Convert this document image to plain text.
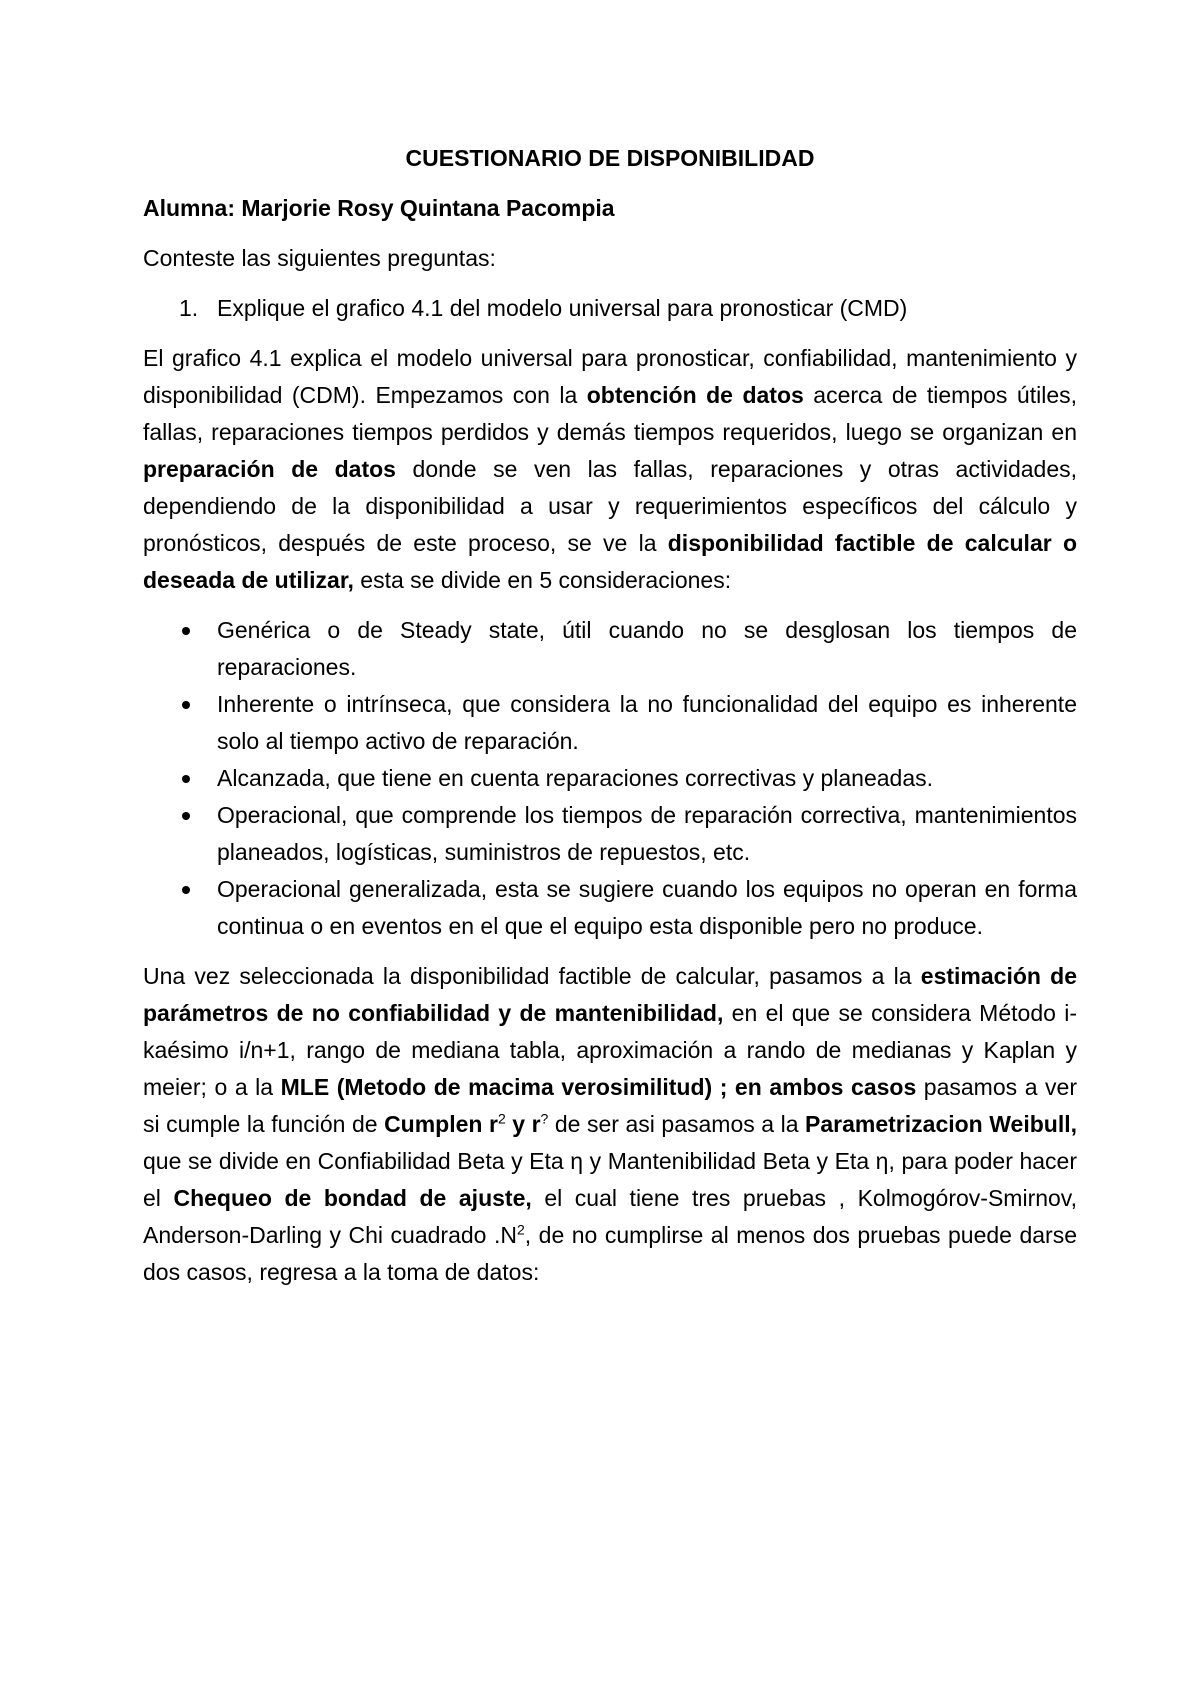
CUESTIONARIO DE DISPONIBILIDAD
Alumna: Marjorie Rosy Quintana Pacompia
Conteste las siguientes preguntas:
1. Explique el grafico 4.1 del modelo universal para pronosticar (CMD)

El grafico 4.1 explica el modelo universal para pronosticar, confiabilidad, mantenimiento y disponibilidad (CDM). Empezamos con la obtención de datos acerca de tiempos útiles, fallas, reparaciones tiempos perdidos y demás tiempos requeridos, luego se organizan en preparación de datos donde se ven las fallas, reparaciones y otras actividades, dependiendo de la disponibilidad a usar y requerimientos específicos del cálculo y pronósticos, después de este proceso, se ve la disponibilidad factible de calcular o deseada de utilizar, esta se divide en 5 consideraciones:

Genérica o de Steady state, útil cuando no se desglosan los tiempos de reparaciones.
Inherente o intrínseca, que considera la no funcionalidad del equipo es inherente solo al tiempo activo de reparación.
Alcanzada, que tiene en cuenta reparaciones correctivas y planeadas.
Operacional, que comprende los tiempos de reparación correctiva, mantenimientos planeados, logísticas, suministros de repuestos, etc.
Operacional generalizada, esta se sugiere cuando los equipos no operan en forma continua o en eventos en el que el equipo esta disponible pero no produce.

Una vez seleccionada la disponibilidad factible de calcular, pasamos a la estimación de parámetros de no confiabilidad y de mantenibilidad, en el que se considera Método i-kaésimo i/n+1, rango de mediana tabla, aproximación a rando de medianas y Kaplan y meier; o a la MLE (Metodo de macima verosimilitud) ; en ambos casos pasamos a ver si cumple la función de Cumplen $r^2$ y r? de ser asi pasamos a la Parametrizacion Weibull, que se divide en Confiabilidad Beta y Eta η y Mantenibilidad Beta y Eta η, para poder hacer el Chequeo de bondad de ajuste, el cual tiene tres pruebas , Kolmogórov-Smirnov, Anderson-Darling y Chi cuadrado $.N^2$, de no cumplirse al menos dos pruebas puede darse dos casos, regresa a la toma de datos:
